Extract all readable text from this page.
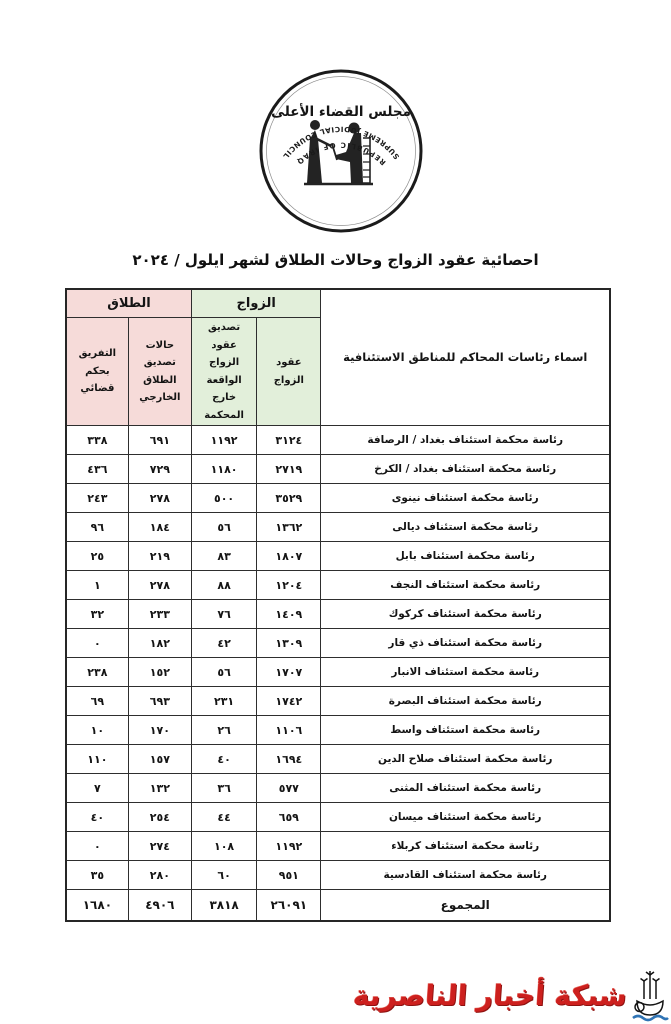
مجلس القضاء الأعلى
REPUBLIC OF IRAQ	SUPREME JUDICIAL COUNCIL
احصائية عقود الزواج وحالات الطلاق لشهر ايلول / ٢٠٢٤
اسماء رئاسات المحاكم للمناطق الاستئنافية	الزواج		الطلاق	
	عقود الزواج	تصديق عقود الزواج الواقعة خارج المحكمة	حالات تصديق الطلاق الخارجي	التفريق بحكم قضائي
رئاسة محكمة استئناف بغداد / الرصافة	٣١٢٤	١١٩٢	٦٩١	٣٣٨
رئاسة محكمة استئناف بغداد / الكرخ	٢٧١٩	١١٨٠	٧٢٩	٤٣٦
رئاسة محكمة استئناف نينوى	٣٥٢٩	٥٠٠	٢٧٨	٢٤٣
رئاسة محكمة استئناف ديالى	١٣٦٢	٥٦	١٨٤	٩٦
رئاسة محكمة استئناف بابل	١٨٠٧	٨٣	٢١٩	٢٥
رئاسة محكمة استئناف النجف	١٢٠٤	٨٨	٢٧٨	١
رئاسة محكمة استئناف كركوك	١٤٠٩	٧٦	٢٣٣	٣٢
رئاسة محكمة استئناف ذي قار	١٣٠٩	٤٢	١٨٢	٠
رئاسة محكمة استئناف الانبار	١٧٠٧	٥٦	١٥٢	٢٣٨
رئاسة محكمة استئناف البصرة	١٧٤٢	٢٣١	٦٩٣	٦٩
رئاسة محكمة استئناف واسط	١١٠٦	٢٦	١٧٠	١٠
رئاسة محكمة استئناف صلاح الدين	١٦٩٤	٤٠	١٥٧	١١٠
رئاسة محكمة استئناف المثنى	٥٧٧	٣٦	١٣٢	٧
رئاسة محكمة استئناف ميسان	٦٥٩	٤٤	٢٥٤	٤٠
رئاسة محكمة استئناف كربلاء	١١٩٢	١٠٨	٢٧٤	٠
رئاسة محكمة استئناف القادسية	٩٥١	٦٠	٢٨٠	٣٥
المجموع	٢٦٠٩١	٣٨١٨	٤٩٠٦	١٦٨٠
شبكة أخبار الناصرية
